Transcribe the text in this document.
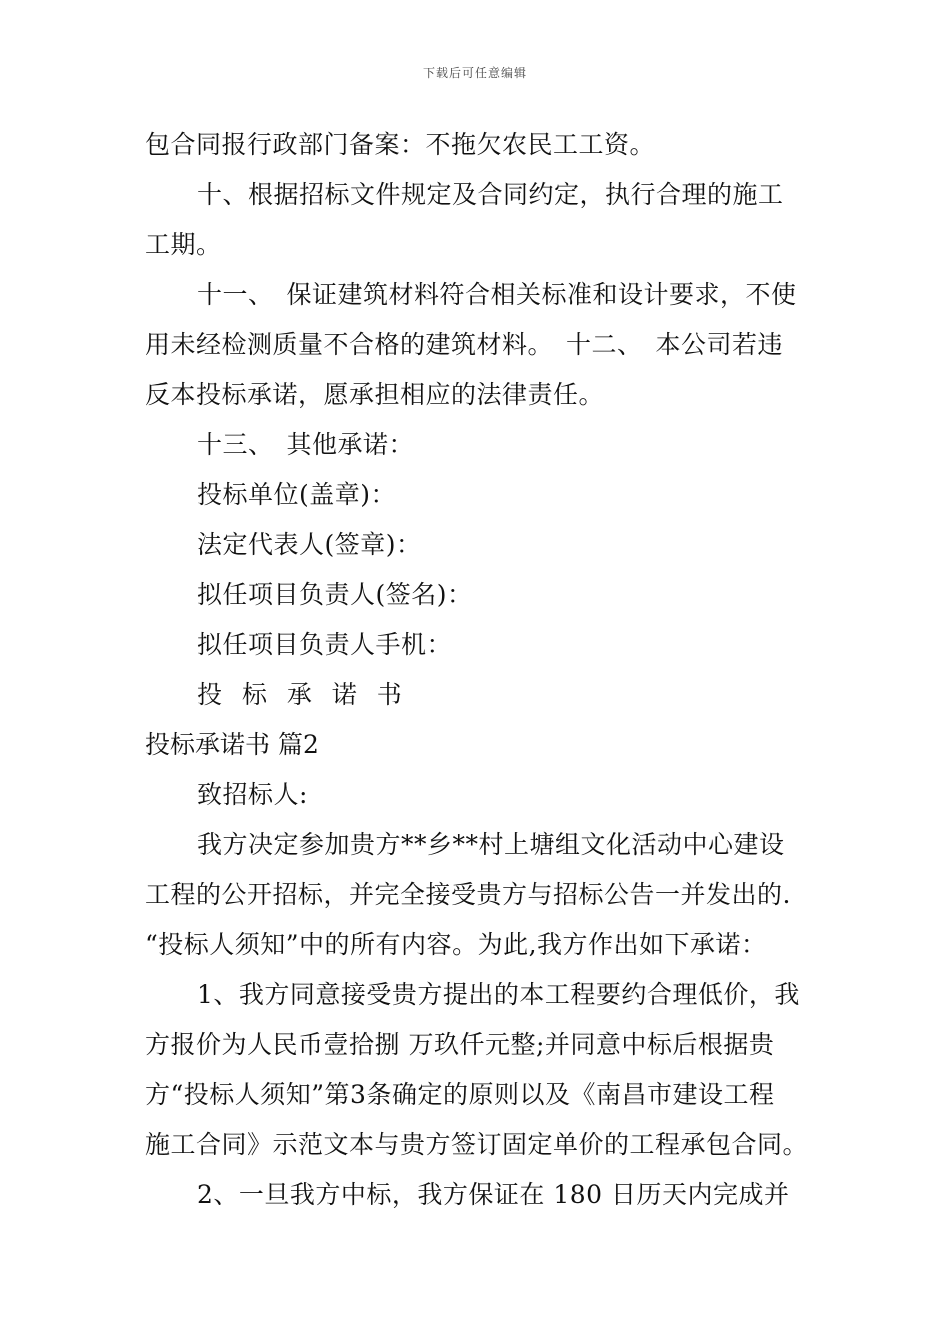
下载后可任意编辑
包合同报行政部门备案：不拖欠农民工工资。
十、根据招标文件规定及合同约定，执行合理的施工
工期。
十一、　保证建筑材料符合相关标准和设计要求，不使
用未经检测质量不合格的建筑材料。　十二、　本公司若违
反本投标承诺，愿承担相应的法律责任。
十三、　其他承诺：
投标单位(盖章)：
法定代表人(签章)：
拟任项目负责人(签名)：
拟任项目负责人手机：
投 标 承 诺 书
投标承诺书 篇2
致招标人:
我方决定参加贵方**乡**村上塘组文化活动中心建设
工程的公开招标，并完全接受贵方与招标公告一并发出的.
“投标人须知”中的所有内容。为此,我方作出如下承诺：
1、我方同意接受贵方提出的本工程要约合理低价，我
方报价为人民币壹拾捌 万玖仟元整;并同意中标后根据贵
方“投标人须知”第3条确定的原则以及《南昌市建设工程
施工合同》示范文本与贵方签订固定单价的工程承包合同。
2、一旦我方中标，我方保证在 180 日历天内完成并
